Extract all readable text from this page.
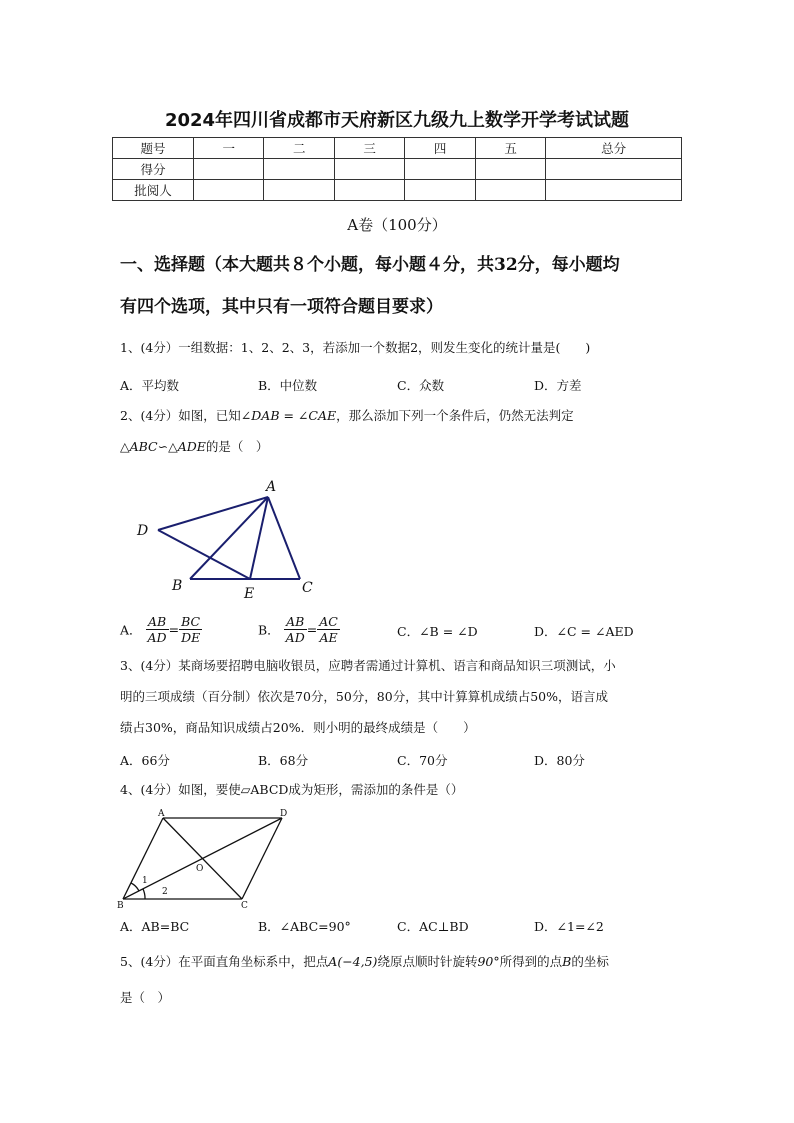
2024年四川省成都市天府新区九级九上数学开学考试试题
题号	一	二	三	四	五	总分
得分						
批阅人						
A卷（100分）
一、选择题（本大题共８个小题，每小题４分，共32分，每小题均
有四个选项，其中只有一项符合题目要求）
1、(4分）一组数据：1、2、2、3，若添加一个数据2，则发生变化的统计量是(　　)
A．平均数	B．中位数	C．众数	D．方差
2、(4分）如图，已知∠DAB = ∠CAE，那么添加下列一个条件后，仍然无法判定
△ABC∽△ADE的是（　）
A
D
B	E	C
A． $\frac{AB}{AD} = \frac{BC}{DE}$	B． $\frac{AB}{AD} = \frac{AC}{AE}$	C．∠B = ∠D	D．∠C = ∠AED
3、(4分）某商场要招聘电脑收银员，应聘者需通过计算机、语言和商品知识三项测试，小
明的三项成绩（百分制）依次是70分，50分，80分，其中计算算机成绩占50%，语言成
绩占30%，商品知识成绩占20%．则小明的最终成绩是（　　）
A．66分	B．68分	C．70分	D．80分
4、(4分）如图，要使▱ABCD成为矩形，需添加的条件是（）
A	D
B	C
O
1
2
A．AB=BC	B．∠ABC=90°	C．AC⊥BD	D．∠1=∠2
5、(4分）在平面直角坐标系中，把点A(−4,5)绕原点顺时针旋转90°所得到的点B的坐标
是（　）
